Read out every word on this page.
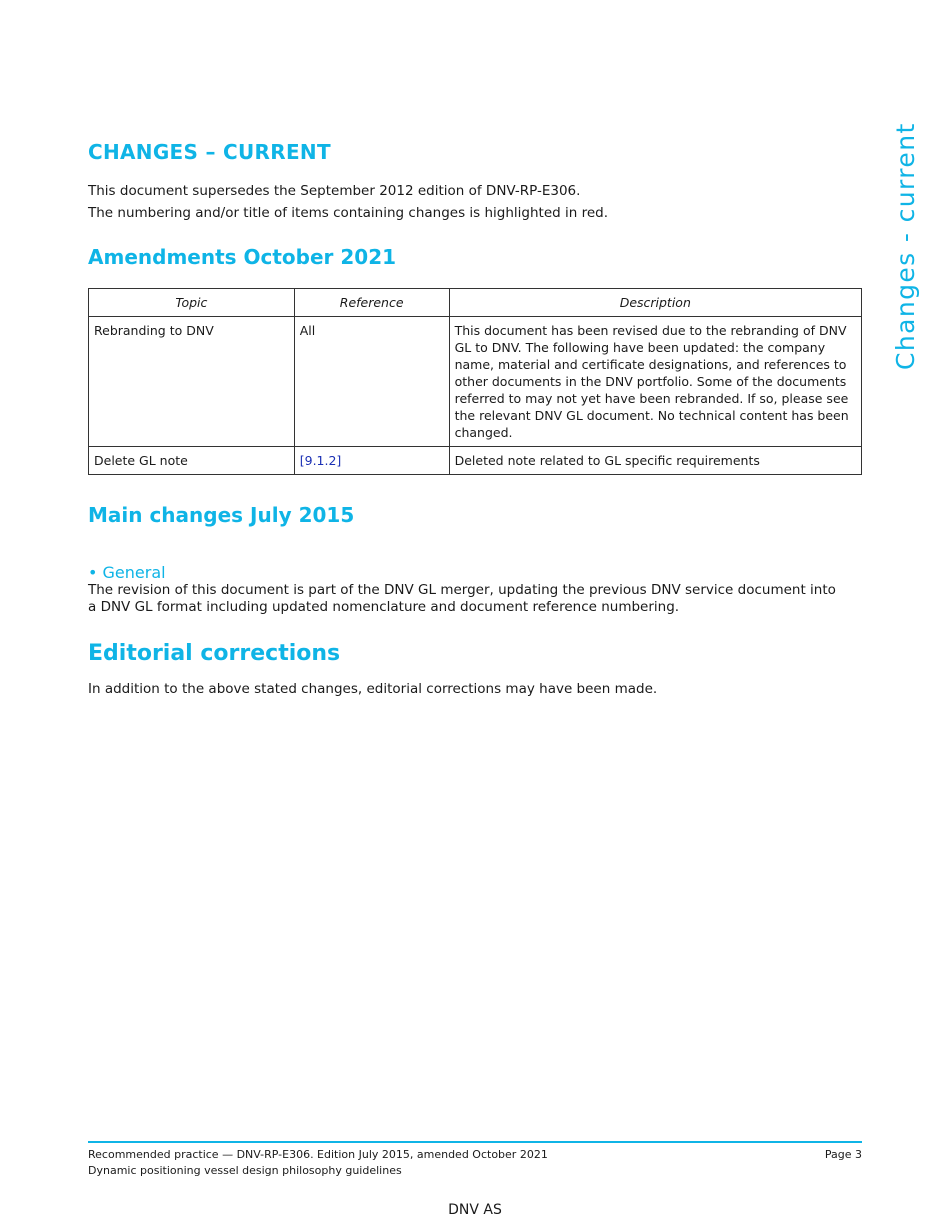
CHANGES – CURRENT

This document supersedes the September 2012 edition of DNV-RP-E306.

The numbering and/or title of items containing changes is highlighted in red.

Amendments October 2021
Topic	Reference	Description
Rebranding to DNV	All	This document has been revised due to the rebranding of DNV GL to DNV. The following have been updated: the company name, material and certificate designations, and references to other documents in the DNV portfolio. Some of the documents referred to may not yet have been rebranded. If so, please see the relevant DNV GL document. No technical content has been changed.
Delete GL note	[9.1.2]	Deleted note related to GL specific requirements
Main changes July 2015
• General
The revision of this document is part of the DNV GL merger, updating the previous DNV service document into a DNV GL format including updated nomenclature and document reference numbering.
Editorial corrections
In addition to the above stated changes, editorial corrections may have been made.
Changes - current
Recommended practice — DNV-RP-E306. Edition July 2015, amended October 2021
Dynamic positioning vessel design philosophy guidelines
Page 3
DNV AS
